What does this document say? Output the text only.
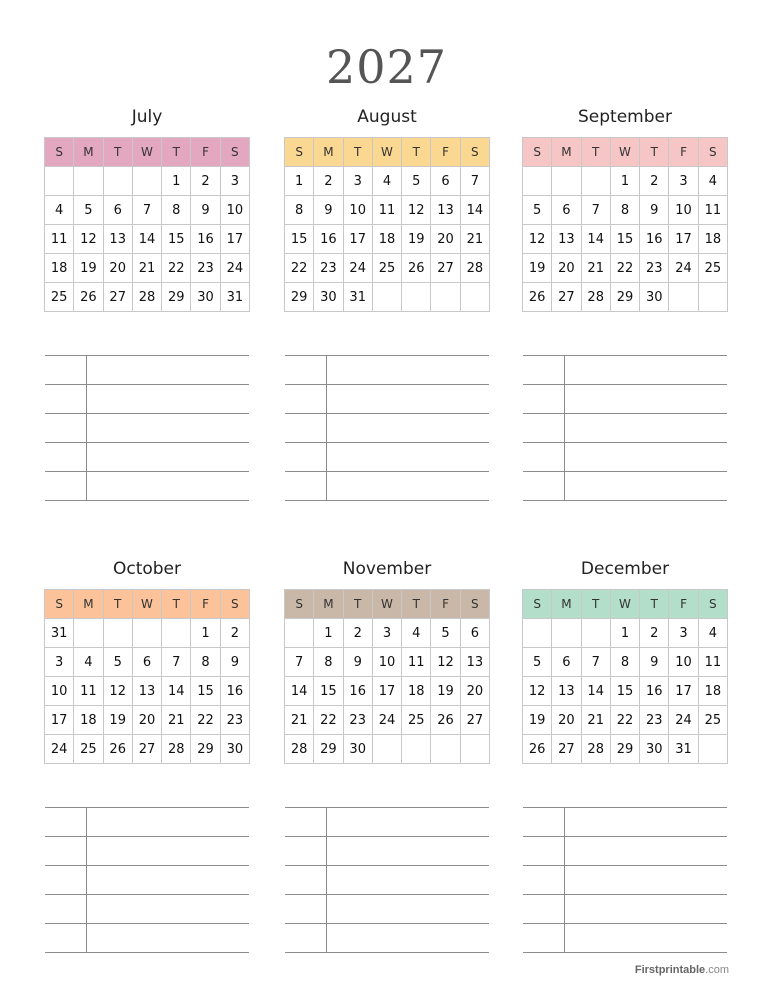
2027
July
S	M	T	W	T	F	S
				1	2	3
4	5	6	7	8	9	10
11	12	13	14	15	16	17
18	19	20	21	22	23	24
25	26	27	28	29	30	31
August
S	M	T	W	T	F	S
1	2	3	4	5	6	7
8	9	10	11	12	13	14
15	16	17	18	19	20	21
22	23	24	25	26	27	28
29	30	31				
September
S	M	T	W	T	F	S
			1	2	3	4
5	6	7	8	9	10	11
12	13	14	15	16	17	18
19	20	21	22	23	24	25
26	27	28	29	30		
October
S	M	T	W	T	F	S
31					1	2
3	4	5	6	7	8	9
10	11	12	13	14	15	16
17	18	19	20	21	22	23
24	25	26	27	28	29	30
November
S	M	T	W	T	F	S
	1	2	3	4	5	6
7	8	9	10	11	12	13
14	15	16	17	18	19	20
21	22	23	24	25	26	27
28	29	30				
December
S	M	T	W	T	F	S
			1	2	3	4
5	6	7	8	9	10	11
12	13	14	15	16	17	18
19	20	21	22	23	24	25
26	27	28	29	30	31	
Firstprintable.com
